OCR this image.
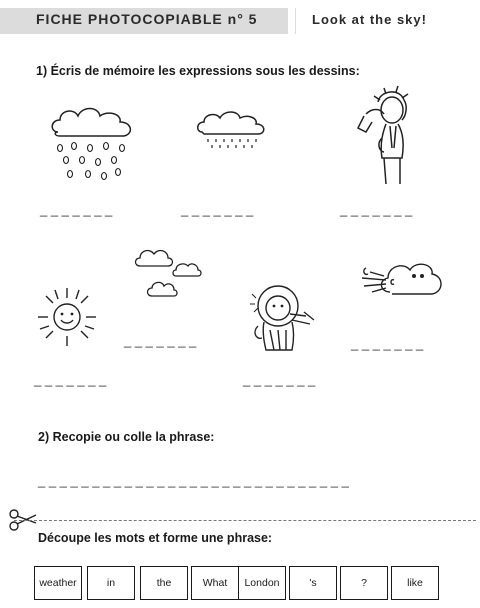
FICHE PHOTOCOPIABLE n° 5	Look at the sky!
1) Écris de mémoire les expressions sous les dessins:
_ _ _ _ _ _ _	_ _ _ _ _ _ _	_ _ _ _ _ _ _
_ _ _ _ _ _ _	_ _ _ _ _ _ _
_ _ _ _ _ _ _	_ _ _ _ _ _ _
2) Recopie ou colle la phrase:
_ _ _ _ _ _ _ _ _ _ _ _ _ _ _ _ _ _ _ _ _ _ _ _ _ _ _ _ _
Découpe les mots et forme une phrase:
weather	in	the	What	London	's	?	like
